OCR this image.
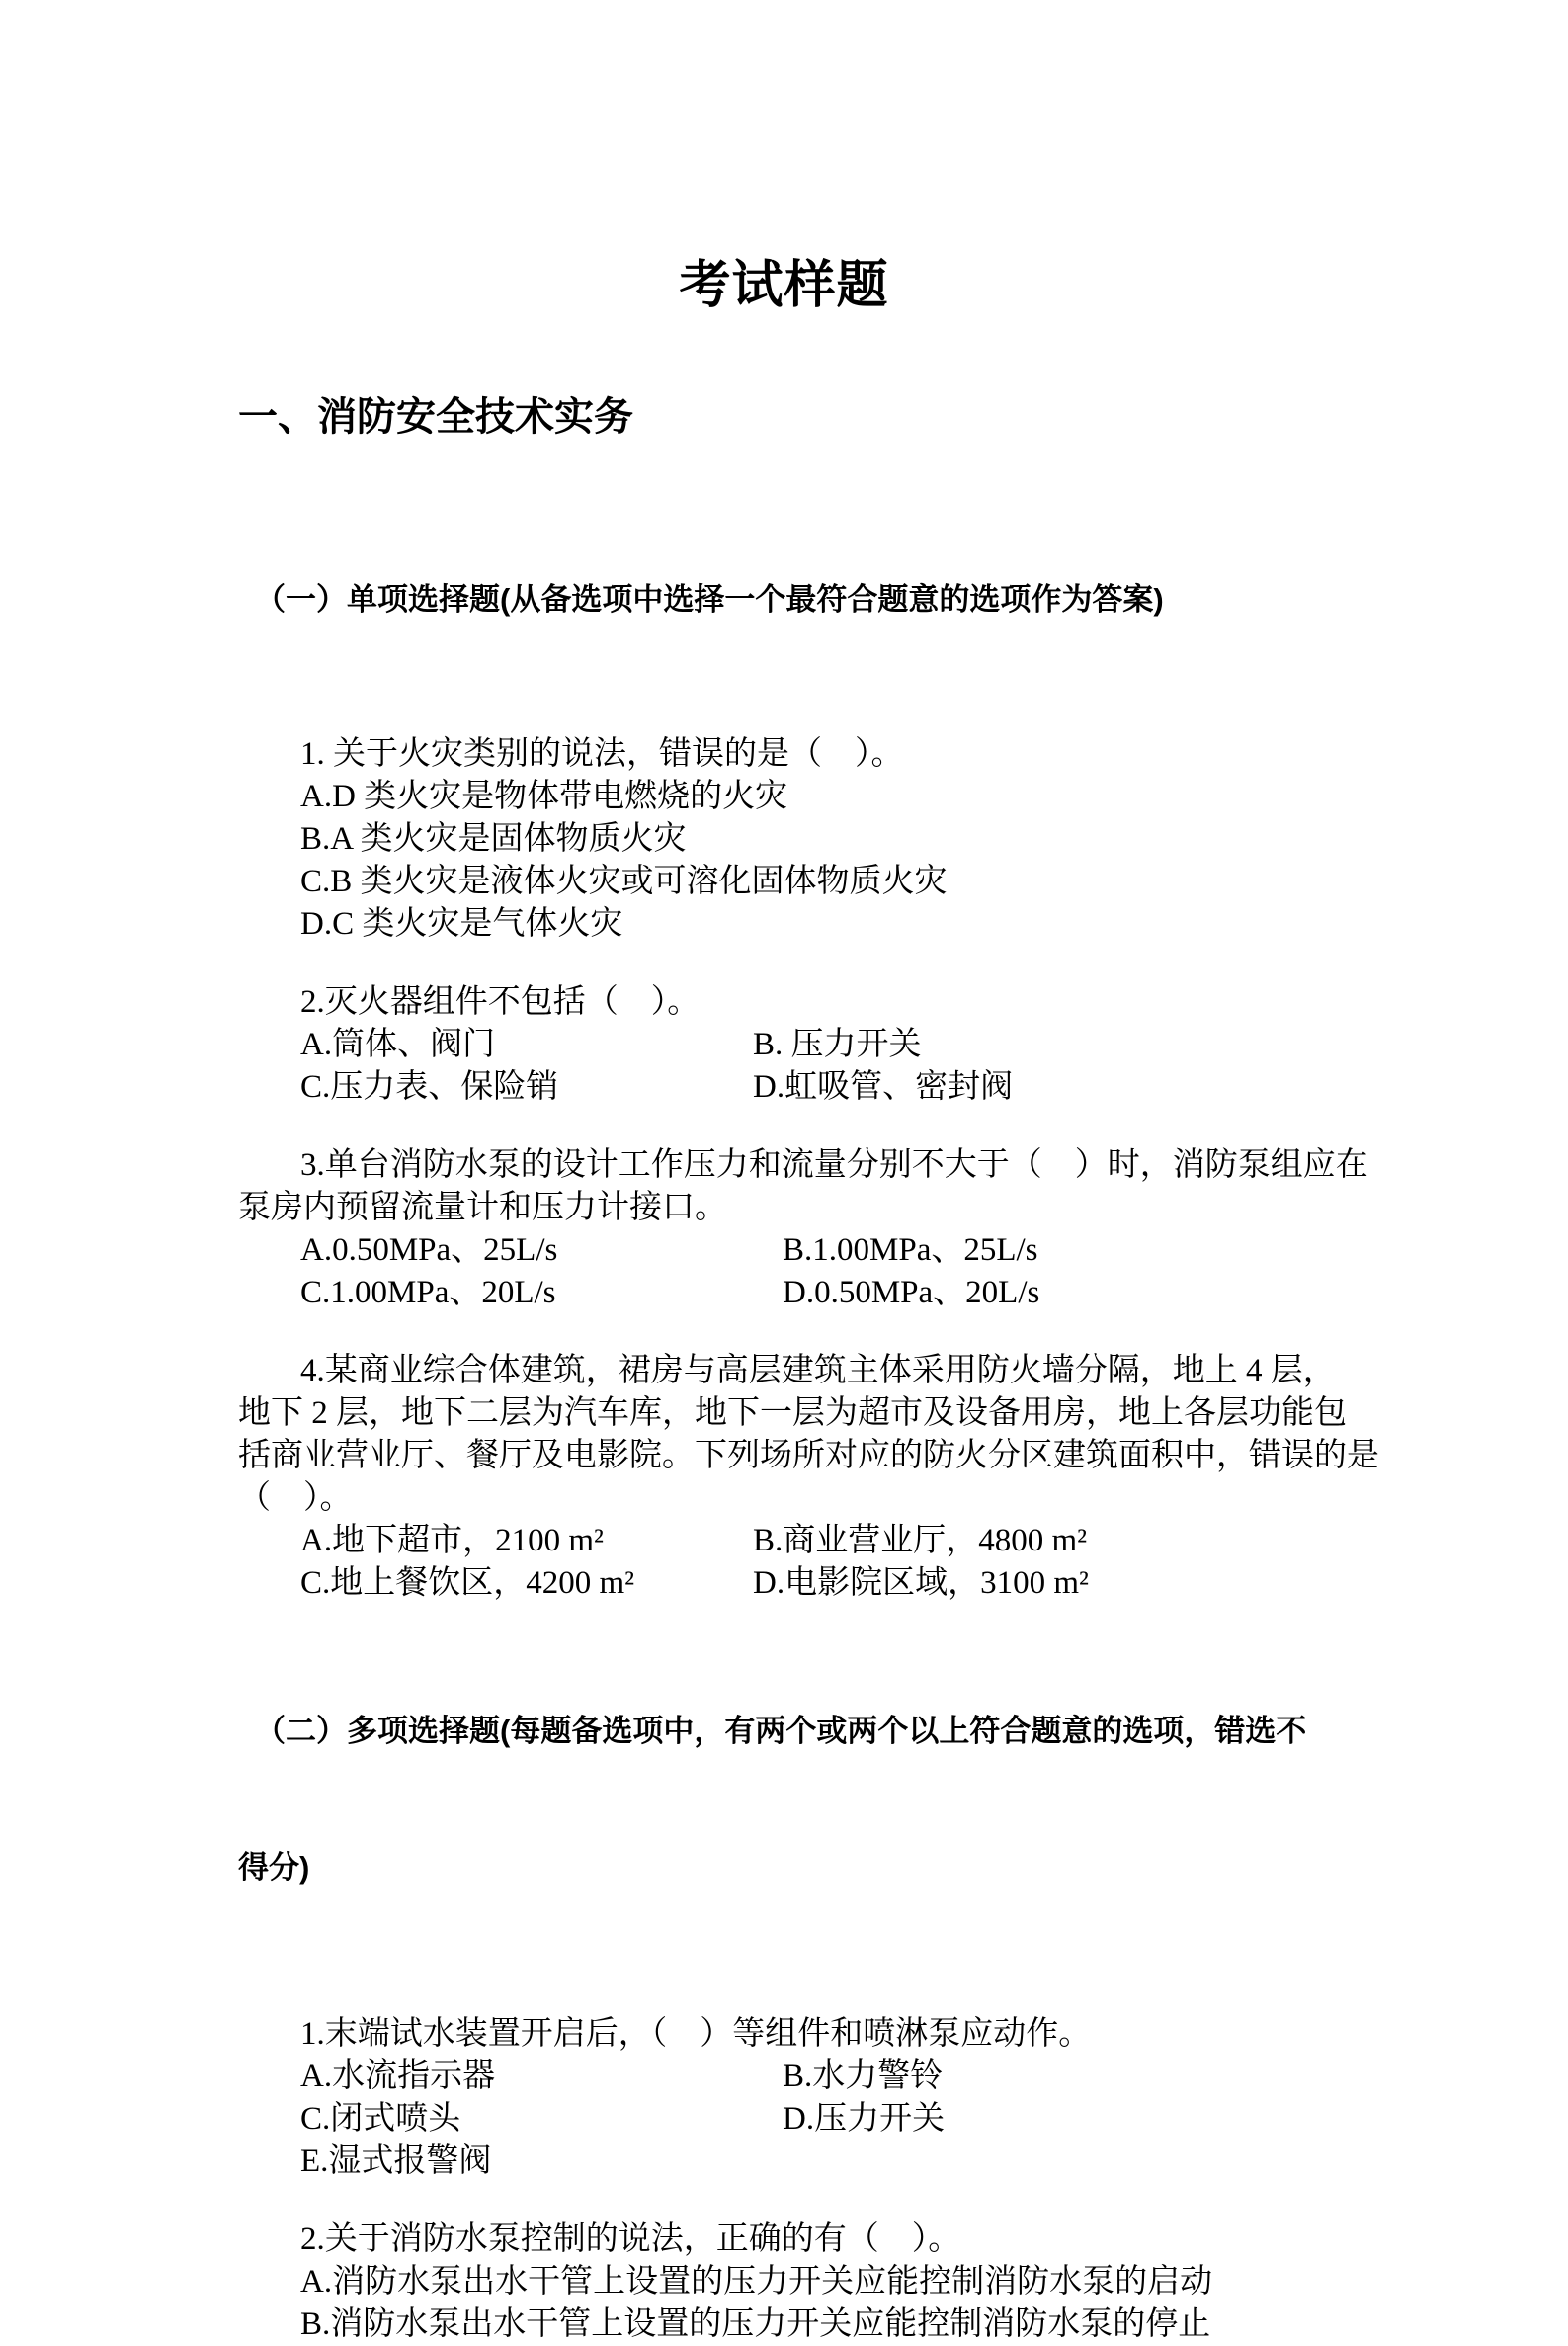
考试样题
一、消防安全技术实务

（一）单项选择题(从备选项中选择一个最符合题意的选项作为答案)

1. 关于火灾类别的说法，错误的是（　）。
A.D 类火灾是物体带电燃烧的火灾
B.A 类火灾是固体物质火灾
C.B 类火灾是液体火灾或可溶化固体物质火灾
D.C 类火灾是气体火灾
2.灭火器组件不包括（　）。
A.筒体、阀门	B. 压力开关
C.压力表、保险销	D.虹吸管、密封阀
3.单台消防水泵的设计工作压力和流量分别不大于（　）时，消防泵组应在
泵房内预留流量计和压力计接口。
A.0.50MPa、25L/s	B.1.00MPa、25L/s
C.1.00MPa、20L/s	D.0.50MPa、20L/s
4.某商业综合体建筑，裙房与高层建筑主体采用防火墙分隔，地上 4 层，
地下 2 层，地下二层为汽车库，地下一层为超市及设备用房，地上各层功能包
括商业营业厅、餐厅及电影院。下列场所对应的防火分区建筑面积中，错误的是
（　）。
A.地下超市，2100 m²	B.商业营业厅，4800 m²
C.地上餐饮区，4200 m²	D.电影院区域，3100 m²

（二）多项选择题(每题备选项中，有两个或两个以上符合题意的选项，错选不

得分)

1.末端试水装置开启后，（　）等组件和喷淋泵应动作。
A.水流指示器	B.水力警铃
C.闭式喷头	D.压力开关
E.湿式报警阀
2.关于消防水泵控制的说法，正确的有（　）。
A.消防水泵出水干管上设置的压力开关应能控制消防水泵的启动
B.消防水泵出水干管上设置的压力开关应能控制消防水泵的停止
